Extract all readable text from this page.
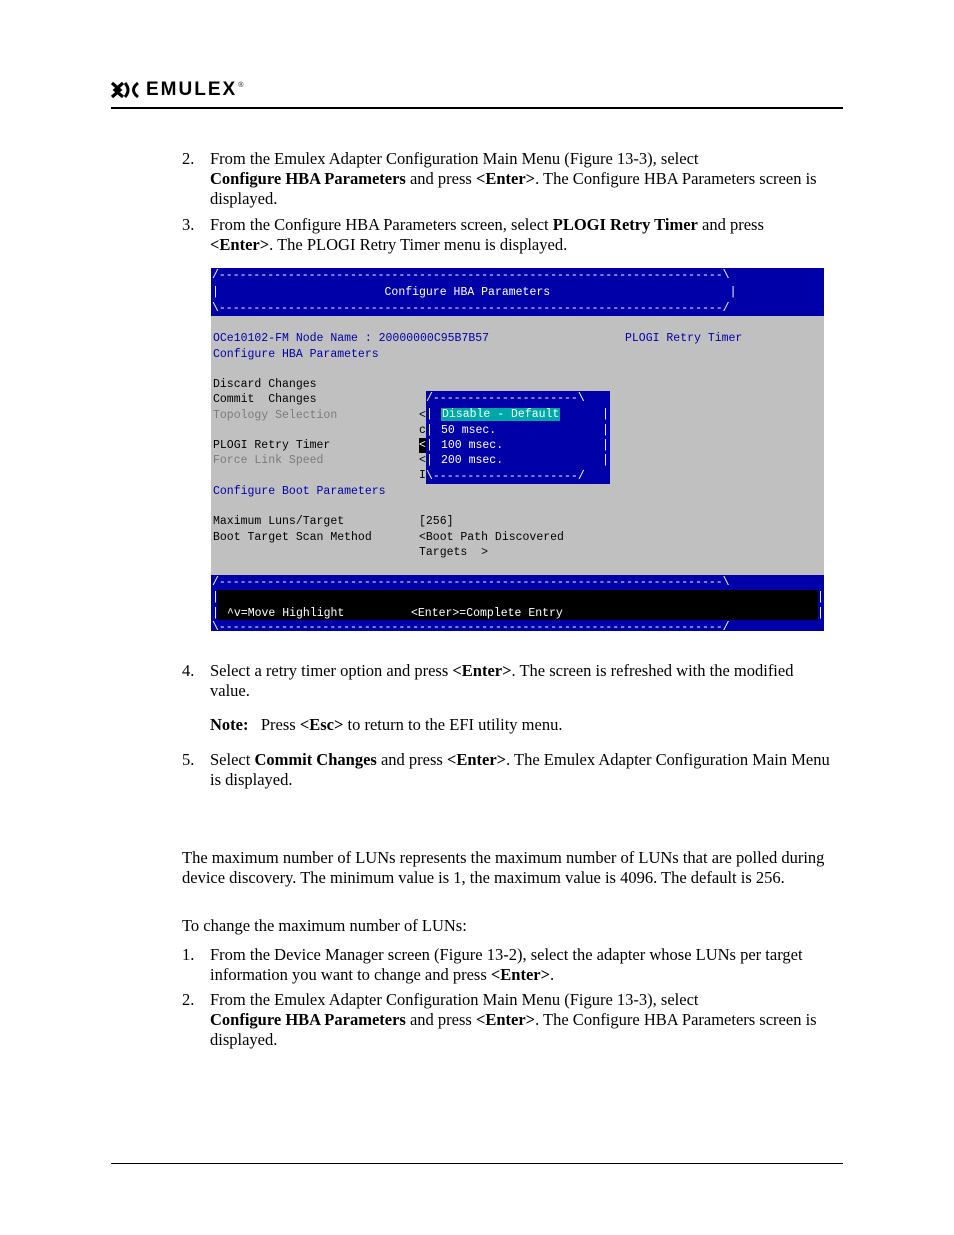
EMULEX ®
2. From the Emulex Adapter Configuration Main Menu (Figure 13-3), select
Configure HBA Parameters and press <Enter>. The Configure HBA Parameters screen is displayed.
3. From the Configure HBA Parameters screen, select PLOGI Retry Timer and press
<Enter>. The PLOGI Retry Timer menu is displayed.
/-------------------------------------------------------------------------\
|                        Configure HBA Parameters                          |
\-------------------------------------------------------------------------/
OCe10102-FM Node Name : 20000000C95B7B57	PLOGI Retry Timer
Configure HBA Parameters
Discard Changes
Commit  Changes
Topology Selection
PLOGI Retry Timer
Force Link Speed
Configure Boot Parameters
Maximum Luns/Target	[256]
Boot Target Scan Method	<Boot Path Discovered
Targets  >
<
c
<
<
I
/---------------------\
|	|
|	|
|	|
|	|
Disable - Default
50 msec.
100 msec.
200 msec.
\---------------------/
/-------------------------------------------------------------------------\
|	|
|	|
^v=Move Highlight	<Enter>=Complete Entry
\-------------------------------------------------------------------------/
4. Select a retry timer option and press <Enter>. The screen is refreshed with the modified value.
Note: Press <Esc> to return to the EFI utility menu.
5. Select Commit Changes and press <Enter>. The Emulex Adapter Configuration Main Menu is displayed.
The maximum number of LUNs represents the maximum number of LUNs that are polled during device discovery. The minimum value is 1, the maximum value is 4096. The default is 256.
To change the maximum number of LUNs:
1. From the Device Manager screen (Figure 13-2), select the adapter whose LUNs per target information you want to change and press <Enter>.
2. From the Emulex Adapter Configuration Main Menu (Figure 13-3), select
Configure HBA Parameters and press <Enter>. The Configure HBA Parameters screen is displayed.
